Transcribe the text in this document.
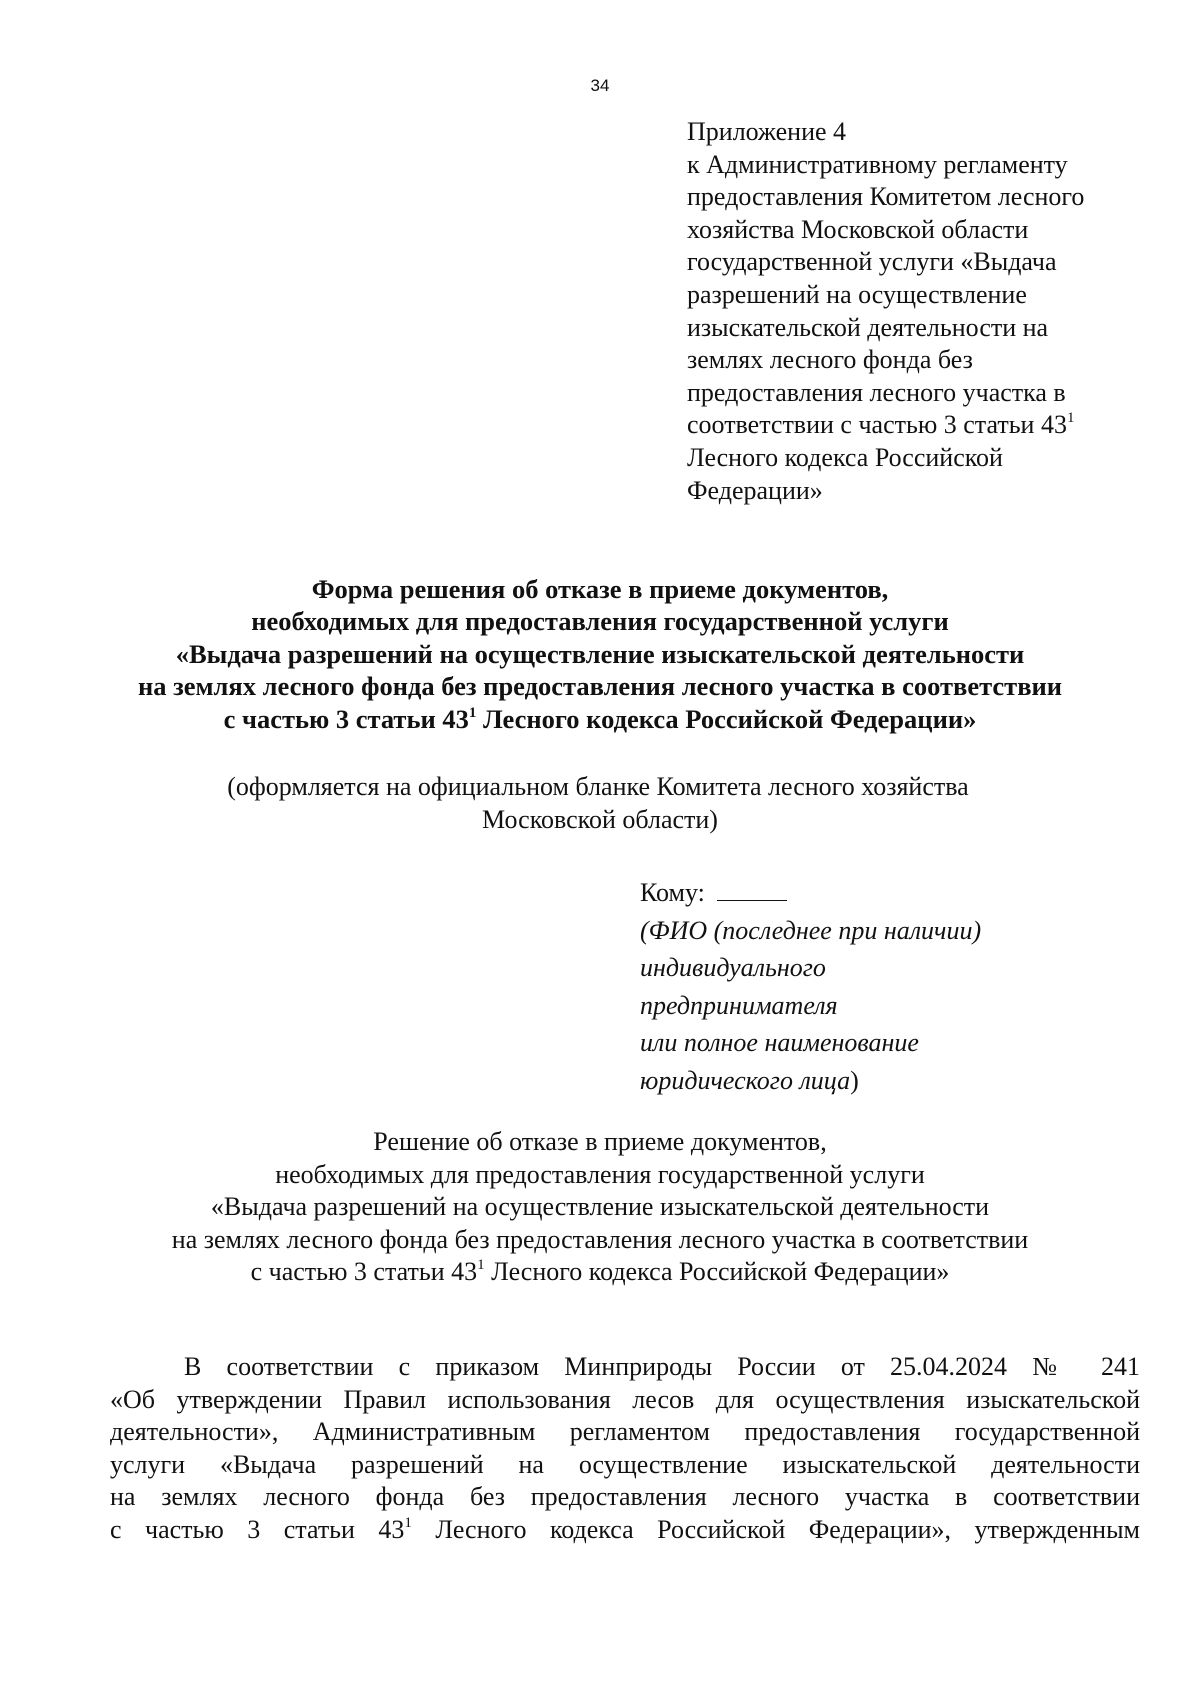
34
Приложение 4
к Административному регламенту
предоставления Комитетом лесного
хозяйства Московской области
государственной услуги «Выдача
разрешений на осуществление
изыскательской деятельности на
землях лесного фонда без
предоставления лесного участка в
соответствии с частью 3 статьи $43^1$
Лесного кодекса Российской
Федерации»
Форма решения об отказе в приеме документов,
необходимых для предоставления государственной услуги
«Выдача разрешений на осуществление изыскательской деятельности
на землях лесного фонда без предоставления лесного участка в соответствии
с частью 3 статьи $43^1$ Лесного кодекса Российской Федерации»
(оформляется на официальном бланке Комитета лесного хозяйства
Московской области)
Кому:
(ФИО (последнее при наличии)
индивидуального
предпринимателя
или полное наименование
юридического лица)
Решение об отказе в приеме документов,
необходимых для предоставления государственной услуги
«Выдача разрешений на осуществление изыскательской деятельности
на землях лесного фонда без предоставления лесного участка в соответствии
с частью 3 статьи $43^1$ Лесного кодекса Российской Федерации»
В соответствии с приказом Минприроды России от 25.04.2024 № 241
«Об утверждении Правил использования лесов для осуществления изыскательской
деятельности», Административным регламентом предоставления государственной
услуги «Выдача разрешений на осуществление изыскательской деятельности
на землях лесного фонда без предоставления лесного участка в соответствии
с частью 3 статьи $43^1$ Лесного кодекса Российской Федерации», утвержденным
